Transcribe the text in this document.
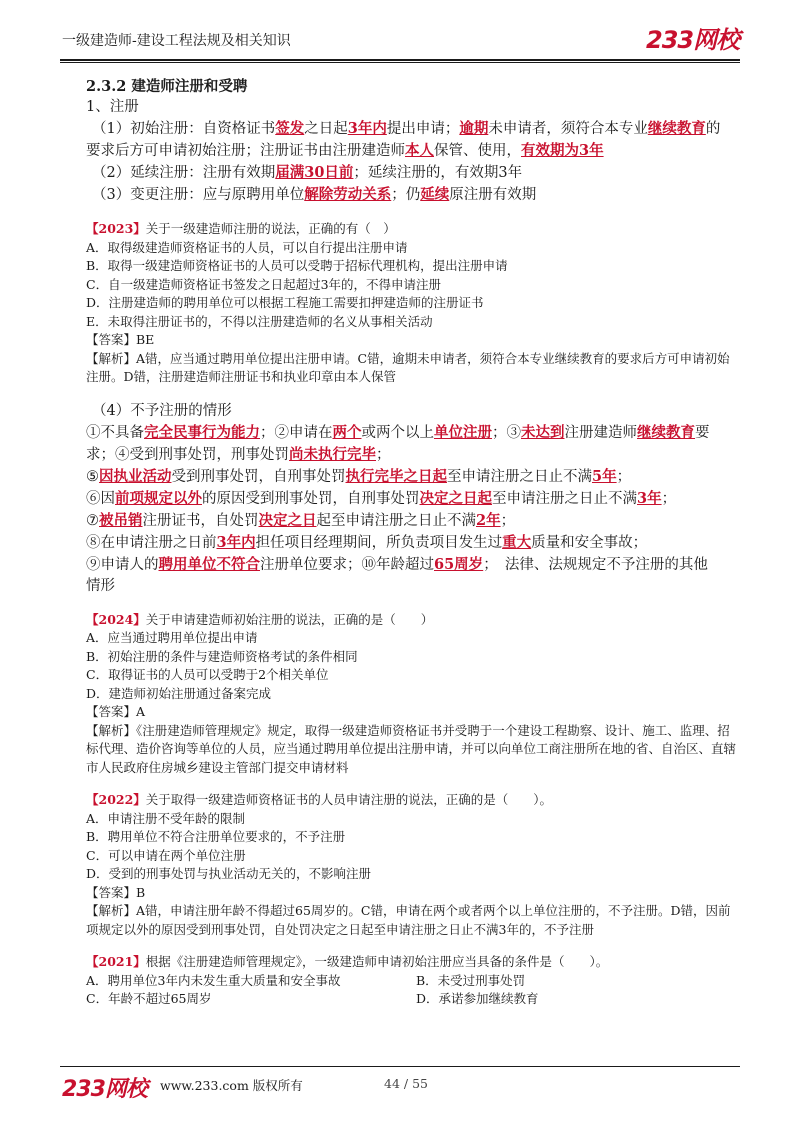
一级建造师-建设工程法规及相关知识	233网校
2.3.2 建造师注册和受聘
1、注册
（1）初始注册：自资格证书签发之日起3年内提出申请；逾期未申请者，须符合本专业继续教育的
要求后方可申请初始注册；注册证书由注册建造师本人保管、使用，有效期为3年
（2）延续注册：注册有效期届满30日前；延续注册的，有效期3年
（3）变更注册：应与原聘用单位解除劳动关系；仍延续原注册有效期
【2023】关于一级建造师注册的说法，正确的有（　）
A．取得级建造师资格证书的人员，可以自行提出注册申请
B．取得一级建造师资格证书的人员可以受聘于招标代理机构，提出注册申请
C．自一级建造师资格证书签发之日起超过3年的，不得申请注册
D．注册建造师的聘用单位可以根据工程施工需要扣押建造师的注册证书
E．未取得注册证书的，不得以注册建造师的名义从事相关活动
【答案】BE
【解析】A错，应当通过聘用单位提出注册申请。C错，逾期未申请者，须符合本专业继续教育的要求后方可申请初始注册。D错，注册建造师注册证书和执业印章由本人保管
（4）不予注册的情形
①不具备完全民事行为能力；②申请在两个或两个以上单位注册；③未达到注册建造师继续教育要
求；④受到刑事处罚，刑事处罚尚未执行完毕；
⑤因执业活动受到刑事处罚，自刑事处罚执行完毕之日起至申请注册之日止不满5年；
⑥因前项规定以外的原因受到刑事处罚，自刑事处罚决定之日起至申请注册之日止不满3年；
⑦被吊销注册证书，自处罚决定之日起至申请注册之日止不满2年；
⑧在申请注册之日前3年内担任项目经理期间，所负责项目发生过重大质量和安全事故；
⑨申请人的聘用单位不符合注册单位要求；⑩年龄超过65周岁；　法律、法规规定不予注册的其他
情形
【2024】关于申请建造师初始注册的说法，正确的是（　　）
A．应当通过聘用单位提出申请
B．初始注册的条件与建造师资格考试的条件相同
C．取得证书的人员可以受聘于2个相关单位
D．建造师初始注册通过备案完成
【答案】A
【解析】《注册建造师管理规定》规定，取得一级建造师资格证书并受聘于一个建设工程勘察、设计、施工、监理、招标代理、造价咨询等单位的人员，应当通过聘用单位提出注册申请，并可以向单位工商注册所在地的省、自治区、直辖市人民政府住房城乡建设主管部门提交申请材料
【2022】关于取得一级建造师资格证书的人员申请注册的说法，正确的是（　　）。
A．申请注册不受年龄的限制
B．聘用单位不符合注册单位要求的，不予注册
C．可以申请在两个单位注册
D．受到的刑事处罚与执业活动无关的，不影响注册
【答案】B
【解析】A错，申请注册年龄不得超过65周岁的。C错，申请在两个或者两个以上单位注册的，不予注册。D错，因前项规定以外的原因受到刑事处罚，自处罚决定之日起至申请注册之日止不满3年的，不予注册
【2021】根据《注册建造师管理规定》，一级建造师申请初始注册应当具备的条件是（　　）。
A．聘用单位3年内未发生重大质量和安全事故	B．未受过刑事处罚
C．年龄不超过65周岁	D．承诺参加继续教育
233网校 www.233.com 版权所有	44 / 55
